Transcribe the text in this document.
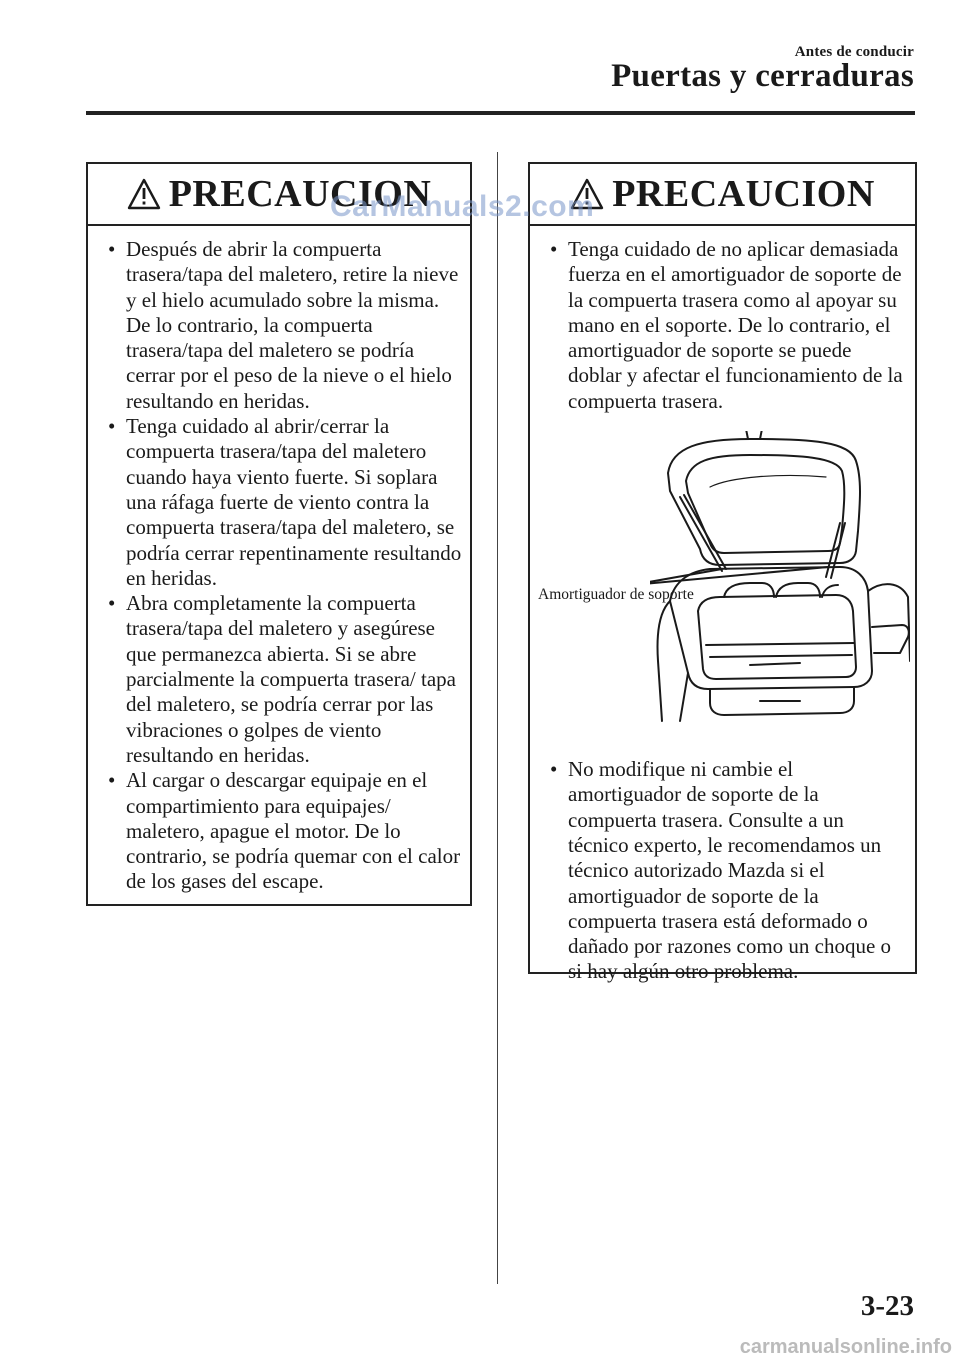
Antes de conducir
Puertas y cerraduras
PRECAUCION
• Después de abrir la compuerta trasera/tapa del maletero, retire la nieve y el hielo acumulado sobre la misma. De lo contrario, la compuerta trasera/tapa del maletero se podría cerrar por el peso de la nieve o el hielo resultando en heridas.
• Tenga cuidado al abrir/cerrar la compuerta trasera/tapa del maletero cuando haya viento fuerte. Si soplara una ráfaga fuerte de viento contra la compuerta trasera/tapa del maletero, se podría cerrar repentinamente resultando en heridas.
• Abra completamente la compuerta trasera/tapa del maletero y asegúrese que permanezca abierta. Si se abre parcialmente la compuerta trasera/ tapa del maletero, se podría cerrar por las vibraciones o golpes de viento resultando en heridas.
• Al cargar o descargar equipaje en el compartimiento para equipajes/ maletero, apague el motor. De lo contrario, se podría quemar con el calor de los gases del escape.
PRECAUCION
• Tenga cuidado de no aplicar demasiada fuerza en el amortiguador de soporte de la compuerta trasera como al apoyar su mano en el soporte. De lo contrario, el amortiguador de soporte se puede doblar y afectar el funcionamiento de la compuerta trasera.
Amortiguador de soporte
• No modifique ni cambie el amortiguador de soporte de la compuerta trasera. Consulte a un técnico experto, le recomendamos un técnico autorizado Mazda si el amortiguador de soporte de la compuerta trasera está deformado o dañado por razones como un choque o si hay algún otro problema.
CarManuals2.com
3-23
carmanualsonline.info
